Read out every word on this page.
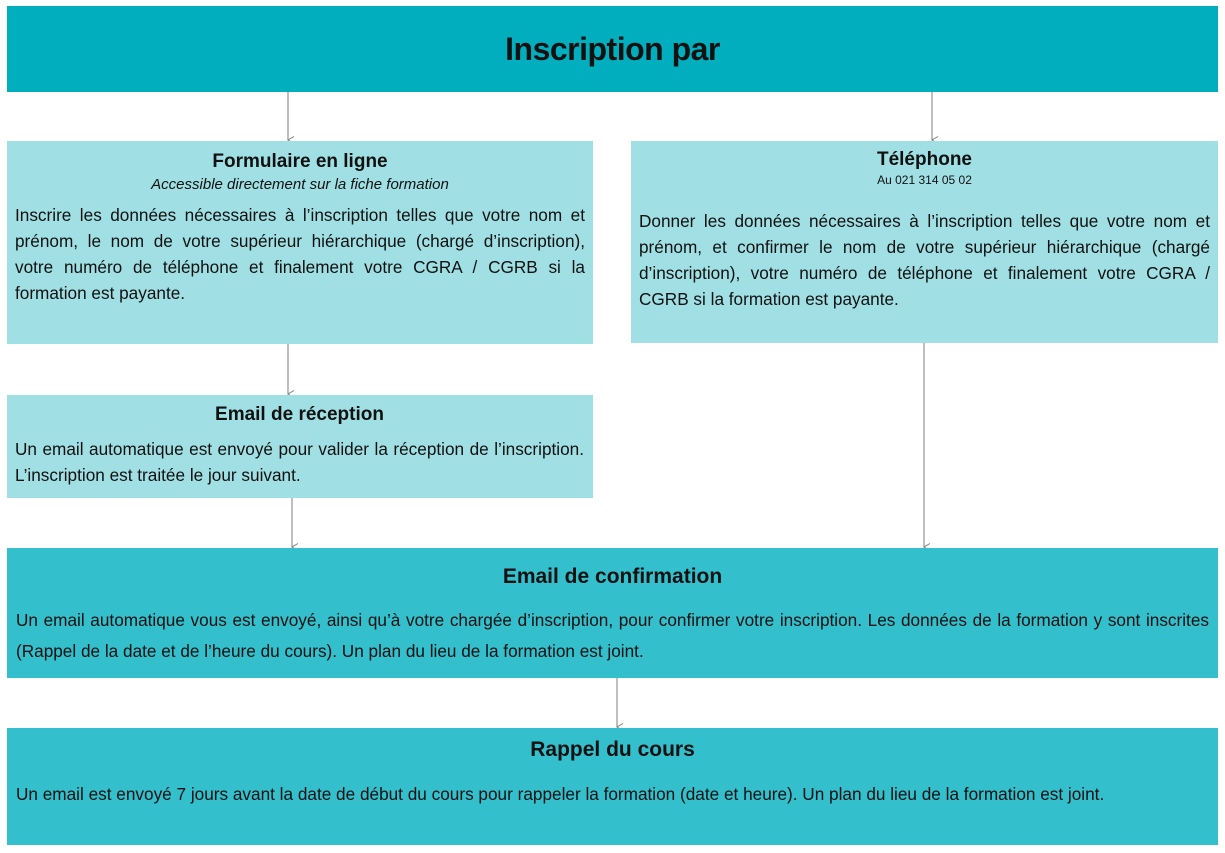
Inscription par
Formulaire en ligne
Accessible directement sur la fiche formation
Inscrire les données nécessaires à l’inscription telles que votre nom et prénom, le nom de votre supérieur hiérarchique (chargé d’inscription), votre numéro de téléphone et finalement votre CGRA / CGRB si la formation est payante.
Téléphone
Au 021 314 05 02
Donner les données nécessaires à l’inscription telles que votre nom et prénom, et confirmer le nom de votre supérieur hiérarchique (chargé d’inscription), votre numéro de téléphone et finalement votre CGRA / CGRB si la formation est payante.
Email de réception
Un email automatique est envoyé pour valider la réception de l’inscription. L’inscription est traitée le jour suivant.
Email de confirmation
Un email automatique vous est envoyé, ainsi qu’à votre chargée d’inscription, pour confirmer votre inscription. Les données de la formation y sont inscrites (Rappel de la date et de l’heure du cours). Un plan du lieu de la formation est joint.
Rappel du cours
Un email est envoyé 7 jours avant la date de début du cours pour rappeler la formation (date et heure). Un plan du lieu de la formation est joint.
